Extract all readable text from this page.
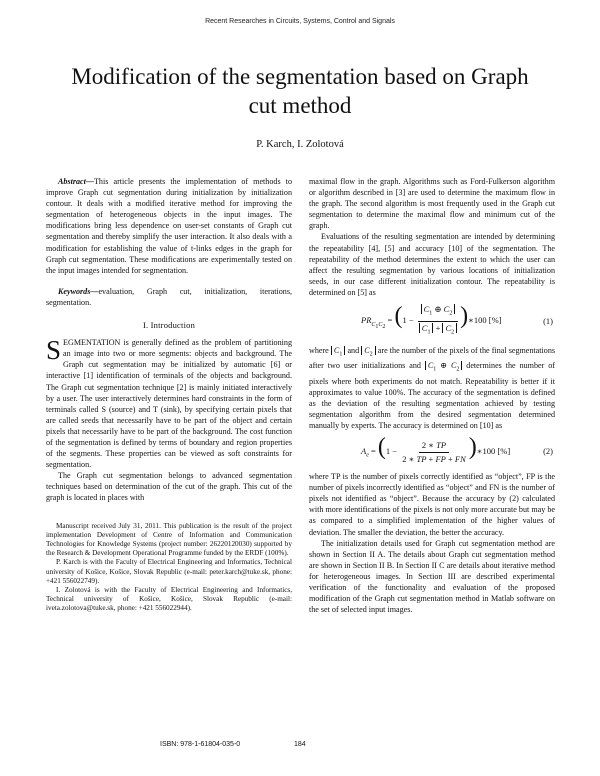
Recent Researches in Circuits, Systems, Control and Signals
Modification of the segmentation based on Graph cut method
P. Karch, I. Zolotová

Abstract—This article presents the implementation of methods to improve Graph cut segmentation during initialization by initialization contour. It deals with a modified iterative method for improving the segmentation of heterogeneous objects in the input images. The modifications bring less dependence on user-set constants of Graph cut segmentation and thereby simplify the user interaction. It also deals with a modification for establishing the value of t-links edges in the graph for Graph cut segmentation. These modifications are experimentally tested on the input images intended for segmentation.

Keywords—evaluation, Graph cut, initialization, iterations, segmentation.

I. Introduction

SEGMENTATION is generally defined as the problem of partitioning an image into two or more segments: objects and background. The Graph cut segmentation may be initialized by automatic [6] or interactive [1] identification of terminals of the objects and background. The Graph cut segmentation technique [2] is mainly initiated interactively by a user. The user interactively determines hard constraints in the form of terminals called S (source) and T (sink), by specifying certain pixels that are called seeds that necessarily have to be part of the object and certain pixels that necessarily have to be part of the background. The cost function of the segmentation is defined by terms of boundary and region properties of the segments. These properties can be viewed as soft constraints for segmentation.

The Graph cut segmentation belongs to advanced segmentation techniques based on determination of the cut of the graph. This cut of the graph is located in places with

Manuscript received July 31, 2011. This publication is the result of the project implementation Development of Centre of Information and Communication Technologies for Knowledge Systems (project number: 26220120030) supported by the Research & Development Operational Programme funded by the ERDF (100%).

P. Karch is with the Faculty of Electrical Engineering and Informatics, Technical university of Košice, Košice, Slovak Republic (e-mail: peter.karch@tuke.sk, phone: +421 556022749).

I. Zolotová is with the Faculty of Electrical Engineering and Informatics, Technical university of Košice, Košice, Slovak Republic (e-mail: iveta.zolotova@tuke.sk, phone: +421 556022944).

maximal flow in the graph. Algorithms such as Ford-Fulkerson algorithm or algorithm described in [3] are used to determine the maximum flow in the graph. The second algorithm is most frequently used in the Graph cut segmentation to determine the maximal flow and minimum cut of the graph.

Evaluations of the resulting segmentation are intended by determining the repeatability [4], [5] and accuracy [10] of the segmentation. The repeatability of the method determines the extent to which the user can affect the resulting segmentation by various locations of initialization seeds, in our case different initialization contour. The repeatability is determined on [5] as

$PR_{C_1C_2} = (1 - \frac{C_1 \oplus C_2}{C_1 + C_2}$ )∗100 [%]	(1)

where $C_1$ and $C_2$ are the number of the pixels of the final segmentations after two user initializations and $C_1$ ⊕ $C_2$ determines the number of pixels where both experiments do not match. Repeatability is better if it approximates to value 100%. The accuracy of the segmentation is defined as the deviation of the resulting segmentation achieved by testing segmentation algorithm from the desired segmentation determined manually by experts. The accuracy is determined on [10] as

$A_e = (1 - \frac{2 ∗ TP}{2 ∗ TP + FP + FN}$ )∗100 [%]	(2)

where TP is the number of pixels correctly identified as “object”, FP is the number of pixels incorrectly identified as “object” and FN is the number of pixels not identified as “object”. Because the accuracy by (2) calculated with more identifications of the pixels is not only more accurate but may be as compared to a simplified implementation of the higher values of deviation. The smaller the deviation, the better the accuracy.

The initialization details used for Graph cut segmentation method are shown in Section II A. The details about Graph cut segmentation method are shown in Section II B. In Section II C are details about iterative method for heterogeneous images. In Section III are described experimental verification of the functionality and evaluation of the proposed modification of the Graph cut segmentation method in Matlab software on the set of selected input images.

ISBN: 978-1-61804-035-0	184
